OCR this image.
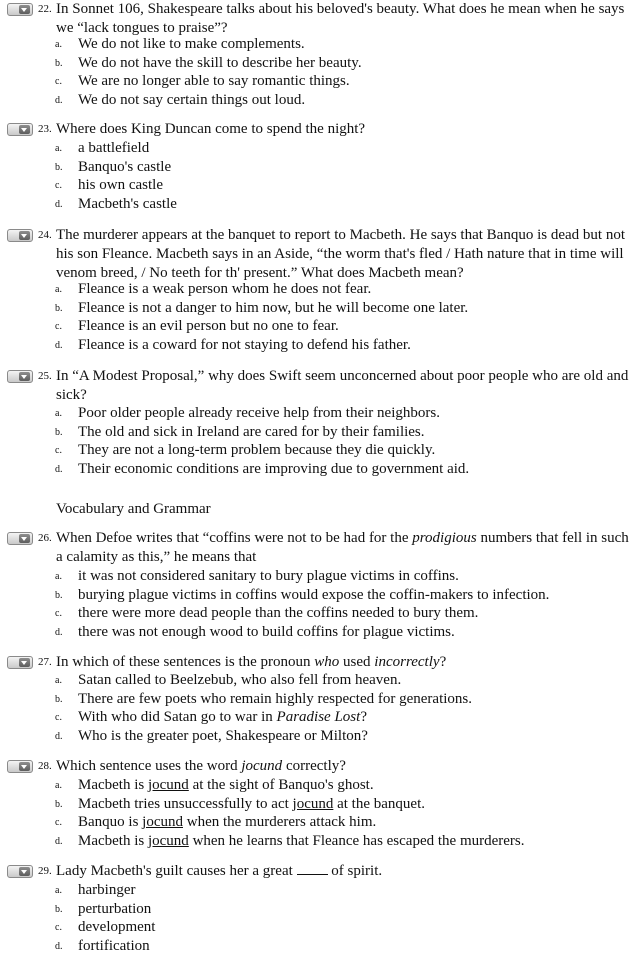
22. In Sonnet 106, Shakespeare talks about his beloved's beauty. What does he mean when he says we “lack tongues to praise”?
a. We do not like to make complements.
b. We do not have the skill to describe her beauty.
c. We are no longer able to say romantic things.
d. We do not say certain things out loud.
23. Where does King Duncan come to spend the night?
a. a battlefield
b. Banquo's castle
c. his own castle
d. Macbeth's castle
24. The murderer appears at the banquet to report to Macbeth. He says that Banquo is dead but not his son Fleance. Macbeth says in an Aside, “the worm that's fled / Hath nature that in time will venom breed, / No teeth for th' present.” What does Macbeth mean?
a. Fleance is a weak person whom he does not fear.
b. Fleance is not a danger to him now, but he will become one later.
c. Fleance is an evil person but no one to fear.
d. Fleance is a coward for not staying to defend his father.
25. In “A Modest Proposal,” why does Swift seem unconcerned about poor people who are old and sick?
a. Poor older people already receive help from their neighbors.
b. The old and sick in Ireland are cared for by their families.
c. They are not a long-term problem because they die quickly.
d. Their economic conditions are improving due to government aid.
Vocabulary and Grammar
26. When Defoe writes that “coffins were not to be had for the prodigious numbers that fell in such a calamity as this,” he means that
a. it was not considered sanitary to bury plague victims in coffins.
b. burying plague victims in coffins would expose the coffin-makers to infection.
c. there were more dead people than the coffins needed to bury them.
d. there was not enough wood to build coffins for plague victims.
27. In which of these sentences is the pronoun who used incorrectly?
a. Satan called to Beelzebub, who also fell from heaven.
b. There are few poets who remain highly respected for generations.
c. With who did Satan go to war in Paradise Lost?
d. Who is the greater poet, Shakespeare or Milton?
28. Which sentence uses the word jocund correctly?
a. Macbeth is jocund at the sight of Banquo's ghost.
b. Macbeth tries unsuccessfully to act jocund at the banquet.
c. Banquo is jocund when the murderers attack him.
d. Macbeth is jocund when he learns that Fleance has escaped the murderers.
29. Lady Macbeth's guilt causes her a great  of spirit.
a. harbinger
b. perturbation
c. development
d. fortification
